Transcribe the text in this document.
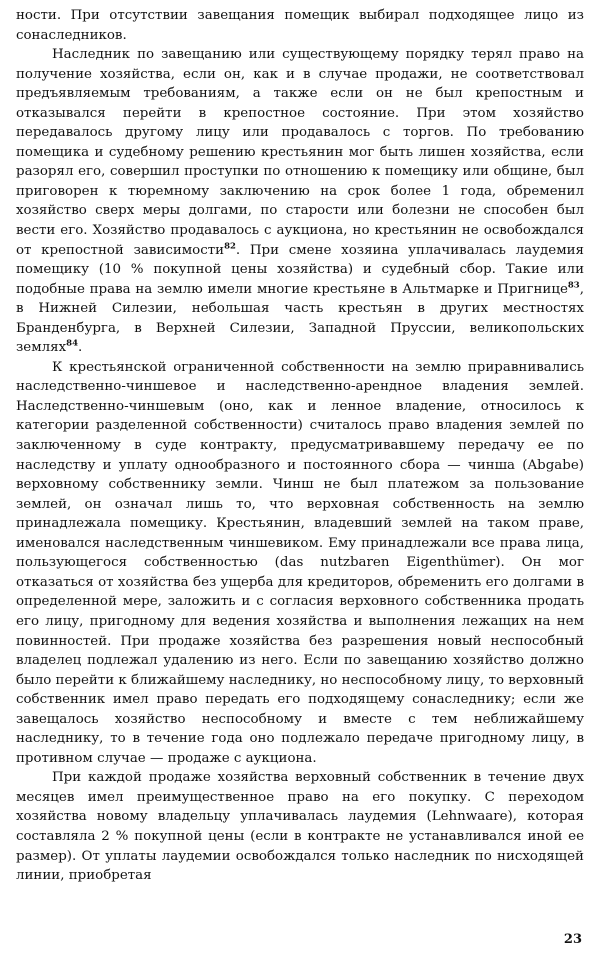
ности. При отсутствии завещания помещик выбирал подходящее лицо из сонаследников.

Наследник по завещанию или существующему порядку терял право на получение хозяйства, если он, как и в случае продажи, не соответствовал предъявляемым требованиям, а также если он не был крепостным и отказывался перейти в крепостное состояние. При этом хозяйство передавалось другому лицу или продавалось с торгов. По требованию помещика и судебному решению крестьянин мог быть лишен хозяйства, если разорял его, совершил проступки по отношению к помещику или общине, был приговорен к тюремному заключению на срок более 1 года, обременил хозяйство сверх меры долгами, по старости или болезни не способен был вести его. Хозяйство продавалось с аукциона, но крестьянин не освобождался от крепостной зависимости$^{82}$. При смене хозяина уплачивалась лаудемия помещику (10 % покупной цены хозяйства) и судебный сбор. Такие или подобные права на землю имели многие крестьяне в Альтмарке и Пригнице$^{83}$, в Нижней Силезии, небольшая часть крестьян в других местностях Бранденбурга, в Верхней Силезии, Западной Пруссии, великопольских землях$^{84}$.

К крестьянской ограниченной собственности на землю приравнивались наследственно-чиншевое и наследственно-арендное владения землей. Наследственно-чиншевым (оно, как и ленное владение, относилось к категории разделенной собственности) считалось право владения землей по заключенному в суде контракту, предусматривавшему передачу ее по наследству и уплату однообразного и постоянного сбора — чинша (Abgabe) верховному собственнику земли. Чинш не был платежом за пользование землей, он означал лишь то, что верховная собственность на землю принадлежала помещику. Крестьянин, владевший землей на таком праве, именовался наследственным чиншевиком. Ему принадлежали все права лица, пользующегося собственностью (das nutzbaren Eigenthümer). Он мог отказаться от хозяйства без ущерба для кредиторов, обременить его долгами в определенной мере, заложить и с согласия верховного собственника продать его лицу, пригодному для ведения хозяйства и выполнения лежащих на нем повинностей. При продаже хозяйства без разрешения новый неспособный владелец подлежал удалению из него. Если по завещанию хозяйство должно было перейти к ближайшему наследнику, но неспособному лицу, то верховный собственник имел право передать его подходящему сонаследнику; если же завещалось хозяйство неспособному и вместе с тем неближайшему наследнику, то в течение года оно подлежало передаче пригодному лицу, в противном случае — продаже с аукциона.

При каждой продаже хозяйства верховный собственник в течение двух месяцев имел преимущественное право на его покупку. С переходом хозяйства новому владельцу уплачивалась лаудемия (Lehnwaare), которая составляла 2 % покупной цены (если в контракте не устанавливался иной ее размер). От уплаты лаудемии освобождался только наследник по нисходящей линии, приобретая

23
